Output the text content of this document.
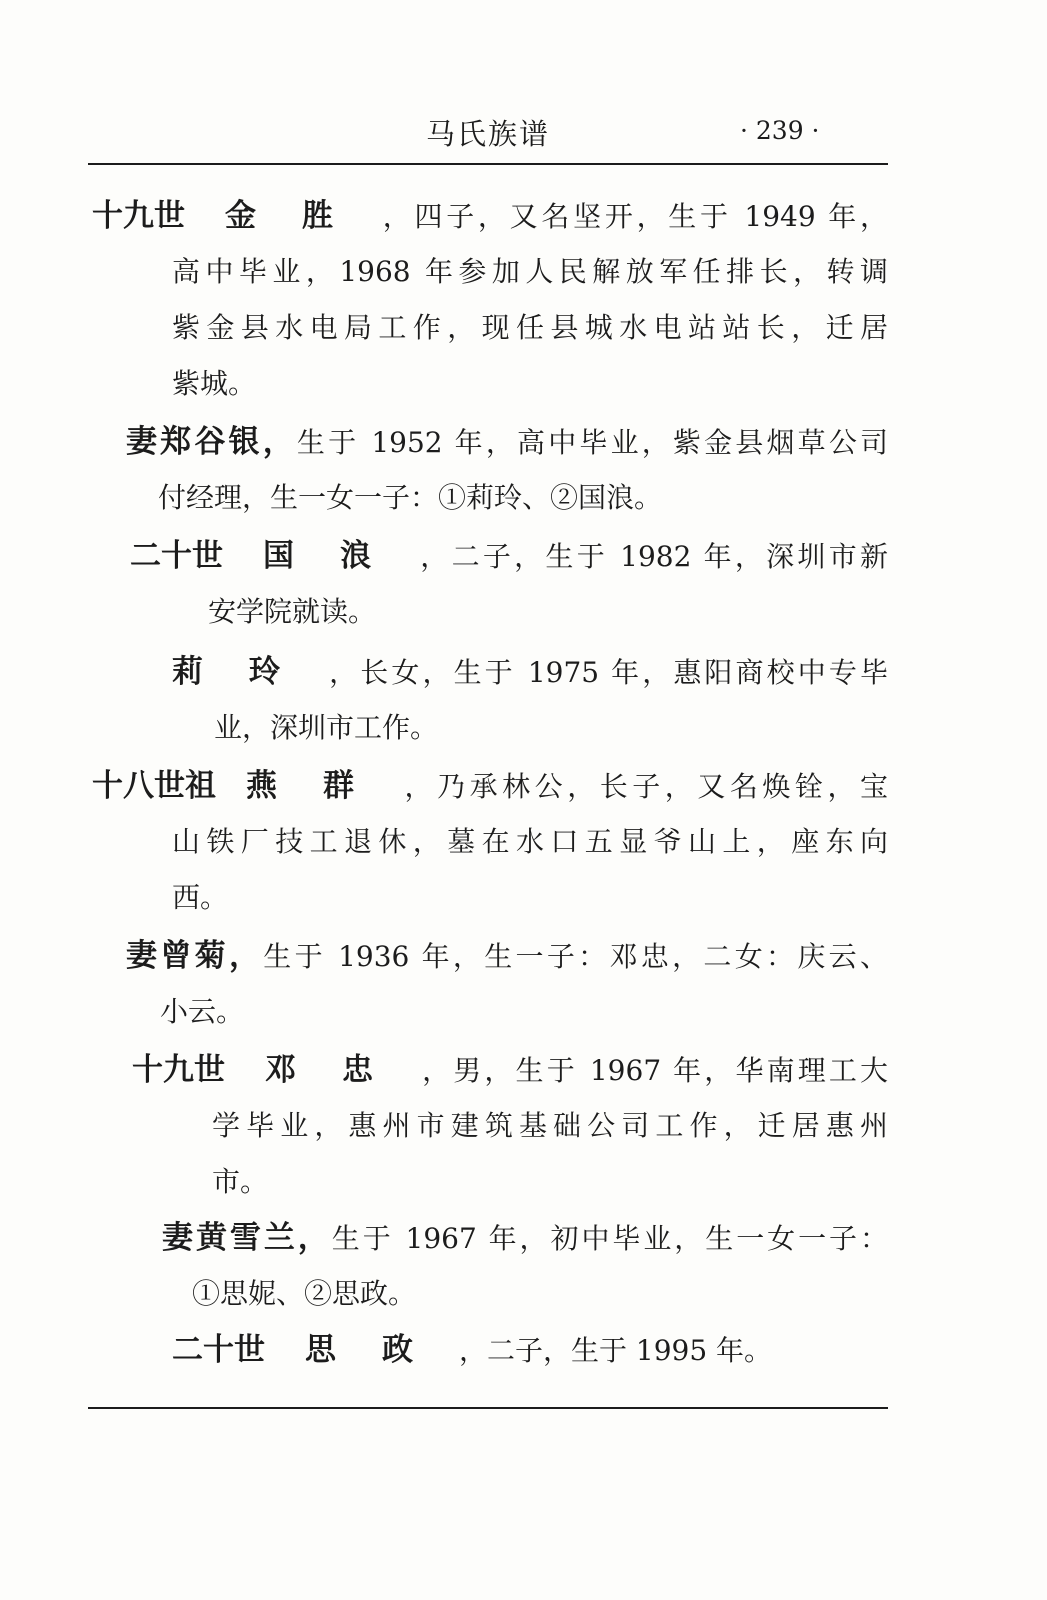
马氏族谱	· 239 ·
十九世 金胜，四子，又名坚开，生于 1949 年，
高中毕业，1968 年参加人民解放军任排长，转调
紫金县水电局工作，现任县城水电站站长，迁居
紫城。
妻郑谷银，生于 1952 年，高中毕业，紫金县烟草公司
付经理，生一女一子：①莉玲、②国浪。
二十世 国浪，二子，生于 1982 年，深圳市新
安学院就读。
莉玲，长女，生于 1975 年，惠阳商校中专毕
业，深圳市工作。
十八世祖 燕群，乃承林公，长子，又名焕铨，宝
山铁厂技工退休，墓在水口五显爷山上，座东向
西。
妻曾菊，生于 1936 年，生一子：邓忠，二女：庆云、
小云。
十九世 邓忠，男，生于 1967 年，华南理工大
学毕业，惠州市建筑基础公司工作，迁居惠州
市。
妻黄雪兰，生于 1967 年，初中毕业，生一女一子：
①思妮、②思政。
二十世 思政，二子，生于 1995 年。
